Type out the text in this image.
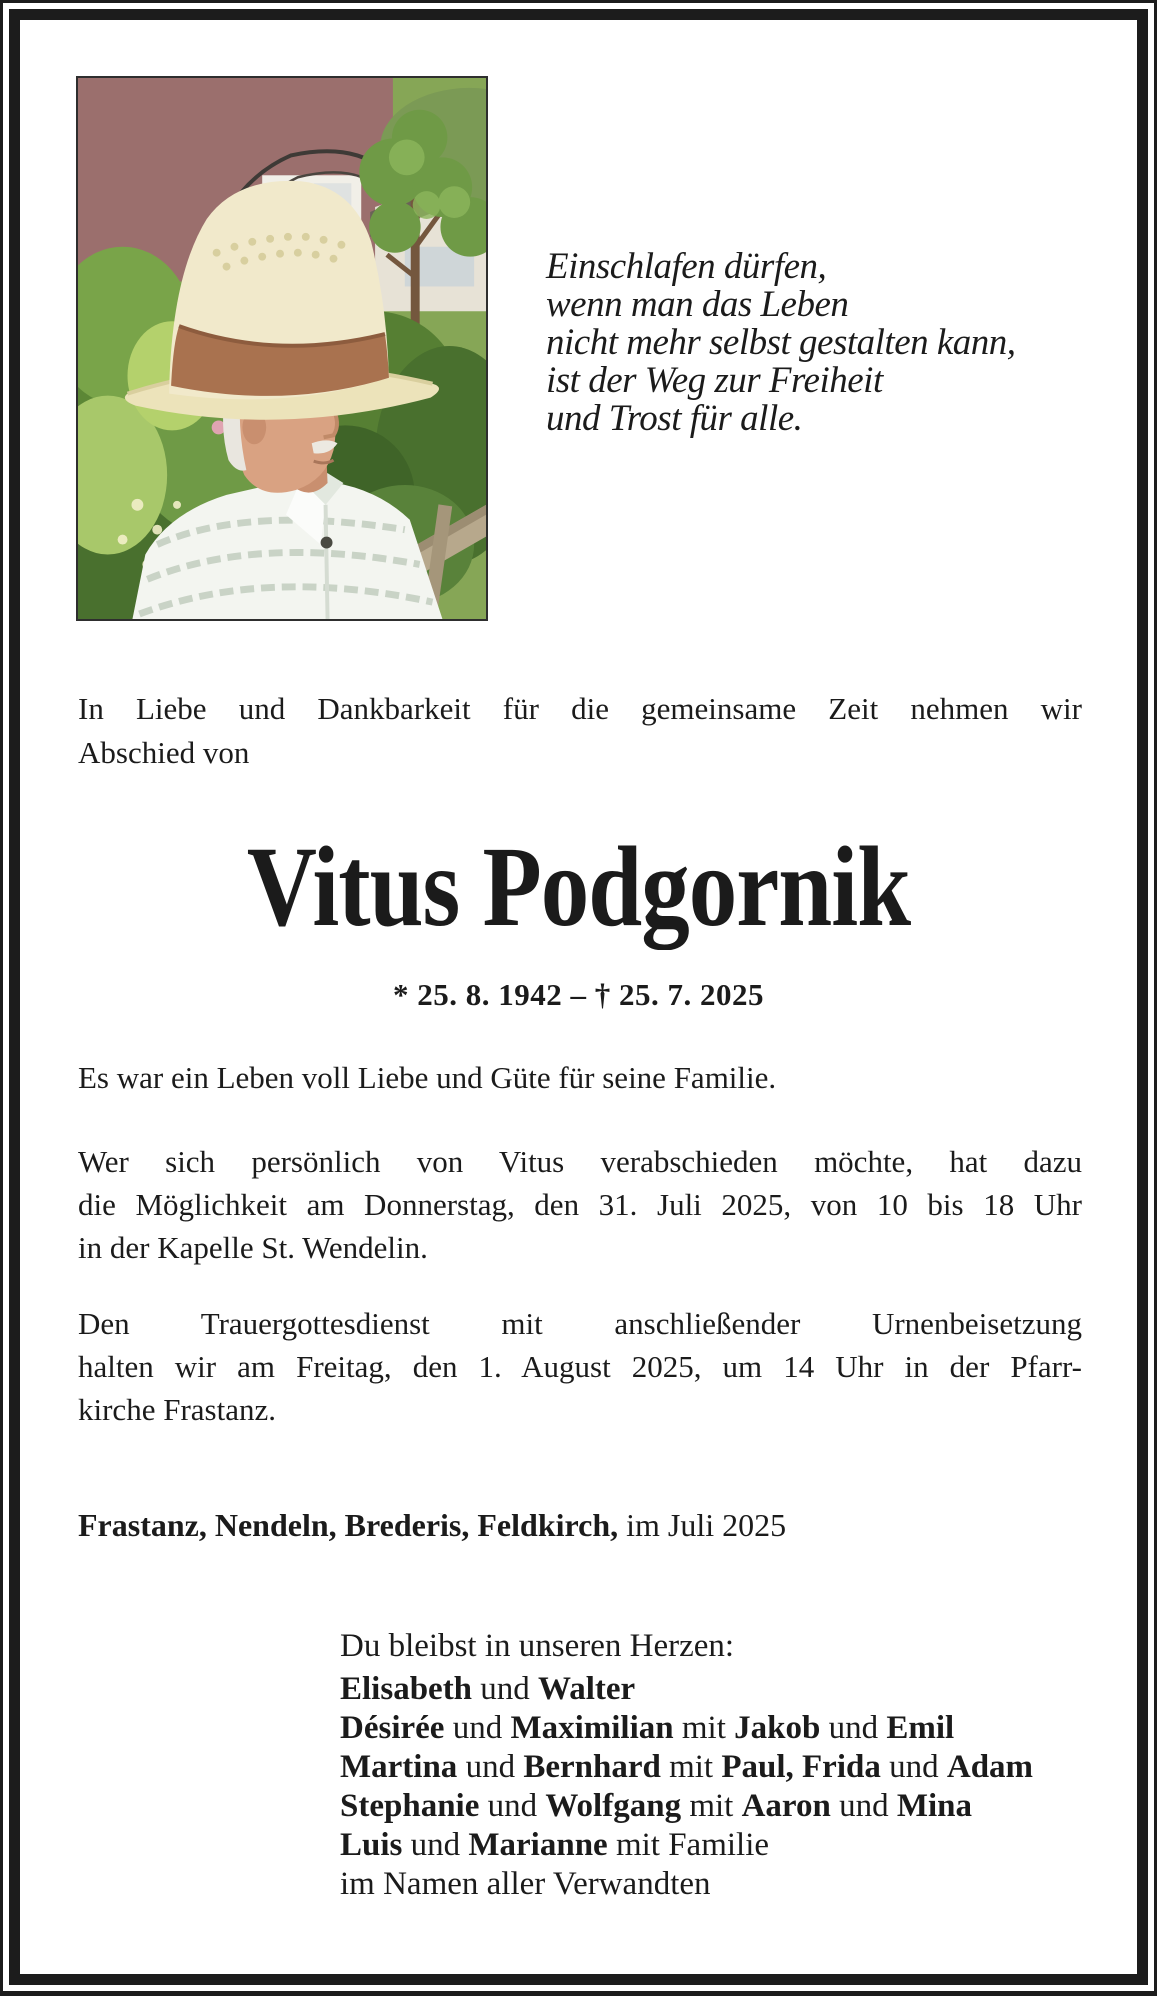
Einschlafen dürfen,
wenn man das Leben
nicht mehr selbst gestalten kann,
ist der Weg zur Freiheit
und Trost für alle.
In Liebe und Dankbarkeit für die gemeinsame Zeit nehmen wir
Abschied von
Vitus Podgornik
* 25. 8. 1942 – † 25. 7. 2025
Es war ein Leben voll Liebe und Güte für seine Familie.
Wer sich persönlich von Vitus verabschieden möchte, hat dazu
die Möglichkeit am Donnerstag, den 31. Juli 2025, von 10 bis 18 Uhr
in der Kapelle St. Wendelin.
Den Trauergottesdienst mit anschließender Urnenbeisetzung
halten wir am Freitag, den 1. August 2025, um 14 Uhr in der Pfarr-
kirche Frastanz.
Frastanz, Nendeln, Brederis, Feldkirch, im Juli 2025
Du bleibst in unseren Herzen:
Elisabeth und Walter
Désirée und Maximilian mit Jakob und Emil
Martina und Bernhard mit Paul, Frida und Adam
Stephanie und Wolfgang mit Aaron und Mina
Luis und Marianne mit Familie
im Namen aller Verwandten
